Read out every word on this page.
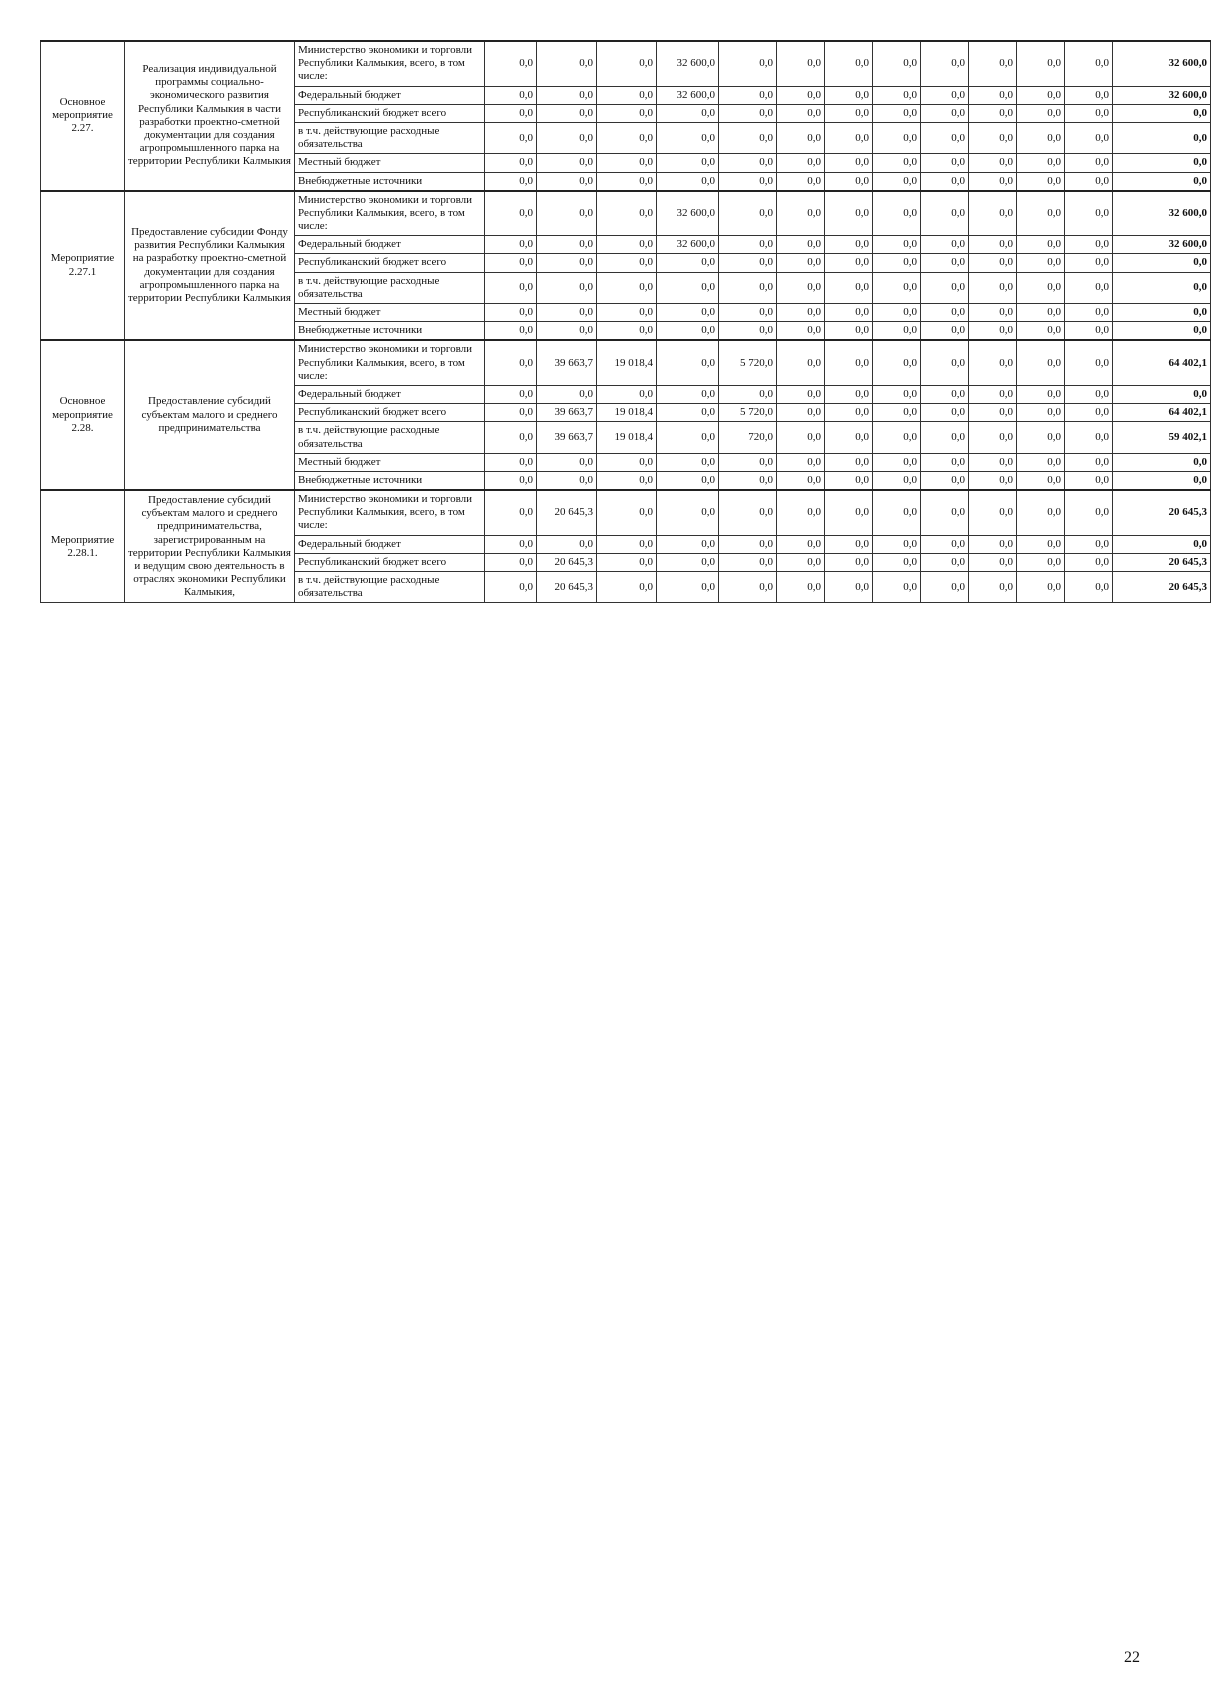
Основное мероприятие 2.27.	Реализация индивидуальной программы социально-экономического развития Республики Калмыкия в части разработки проектно-сметной документации для создания агропромышленного парка на территории Республики Калмыкия	Министерство экономики и торговли Республики Калмыкия, всего, в том числе:	0,0	0,0	0,0	32 600,0	0,0	0,0	0,0	0,0	0,0	0,0	0,0	0,0	32 600,0
		Федеральный бюджет	0,0	0,0	0,0	32 600,0	0,0	0,0	0,0	0,0	0,0	0,0	0,0	0,0	32 600,0
		Республиканский бюджет всего	0,0	0,0	0,0	0,0	0,0	0,0	0,0	0,0	0,0	0,0	0,0	0,0	0,0
		в т.ч. действующие расходные обязательства	0,0	0,0	0,0	0,0	0,0	0,0	0,0	0,0	0,0	0,0	0,0	0,0	0,0
		Местный бюджет	0,0	0,0	0,0	0,0	0,0	0,0	0,0	0,0	0,0	0,0	0,0	0,0	0,0
		Внебюджетные источники	0,0	0,0	0,0	0,0	0,0	0,0	0,0	0,0	0,0	0,0	0,0	0,0	0,0
Мероприятие 2.27.1	Предоставление субсидии Фонду развития Республики Калмыкия на разработку проектно-сметной документации для создания агропромышленного парка на территории Республики Калмыкия	Министерство экономики и торговли Республики Калмыкия, всего, в том числе:	0,0	0,0	0,0	32 600,0	0,0	0,0	0,0	0,0	0,0	0,0	0,0	0,0	32 600,0
		Федеральный бюджет	0,0	0,0	0,0	32 600,0	0,0	0,0	0,0	0,0	0,0	0,0	0,0	0,0	32 600,0
		Республиканский бюджет всего	0,0	0,0	0,0	0,0	0,0	0,0	0,0	0,0	0,0	0,0	0,0	0,0	0,0
		в т.ч. действующие расходные обязательства	0,0	0,0	0,0	0,0	0,0	0,0	0,0	0,0	0,0	0,0	0,0	0,0	0,0
		Местный бюджет	0,0	0,0	0,0	0,0	0,0	0,0	0,0	0,0	0,0	0,0	0,0	0,0	0,0
		Внебюджетные источники	0,0	0,0	0,0	0,0	0,0	0,0	0,0	0,0	0,0	0,0	0,0	0,0	0,0
Основное мероприятие 2.28.	Предоставление субсидий субъектам малого и среднего предпринимательства	Министерство экономики и торговли Республики Калмыкия, всего, в том числе:	0,0	39 663,7	19 018,4	0,0	5 720,0	0,0	0,0	0,0	0,0	0,0	0,0	0,0	64 402,1
		Федеральный бюджет	0,0	0,0	0,0	0,0	0,0	0,0	0,0	0,0	0,0	0,0	0,0	0,0	0,0
		Республиканский бюджет всего	0,0	39 663,7	19 018,4	0,0	5 720,0	0,0	0,0	0,0	0,0	0,0	0,0	0,0	64 402,1
		в т.ч. действующие расходные обязательства	0,0	39 663,7	19 018,4	0,0	720,0	0,0	0,0	0,0	0,0	0,0	0,0	0,0	59 402,1
		Местный бюджет	0,0	0,0	0,0	0,0	0,0	0,0	0,0	0,0	0,0	0,0	0,0	0,0	0,0
		Внебюджетные источники	0,0	0,0	0,0	0,0	0,0	0,0	0,0	0,0	0,0	0,0	0,0	0,0	0,0
Мероприятие 2.28.1.	Предоставление субсидий субъектам малого и среднего предпринимательства, зарегистрированным на территории Республики Калмыкия и ведущим свою деятельность в отраслях экономики Республики Калмыкия,	Министерство экономики и торговли Республики Калмыкия, всего, в том числе:	0,0	20 645,3	0,0	0,0	0,0	0,0	0,0	0,0	0,0	0,0	0,0	0,0	20 645,3
		Федеральный бюджет	0,0	0,0	0,0	0,0	0,0	0,0	0,0	0,0	0,0	0,0	0,0	0,0	0,0
		Республиканский бюджет всего	0,0	20 645,3	0,0	0,0	0,0	0,0	0,0	0,0	0,0	0,0	0,0	0,0	20 645,3
		в т.ч. действующие расходные обязательства	0,0	20 645,3	0,0	0,0	0,0	0,0	0,0	0,0	0,0	0,0	0,0	0,0	20 645,3
22
